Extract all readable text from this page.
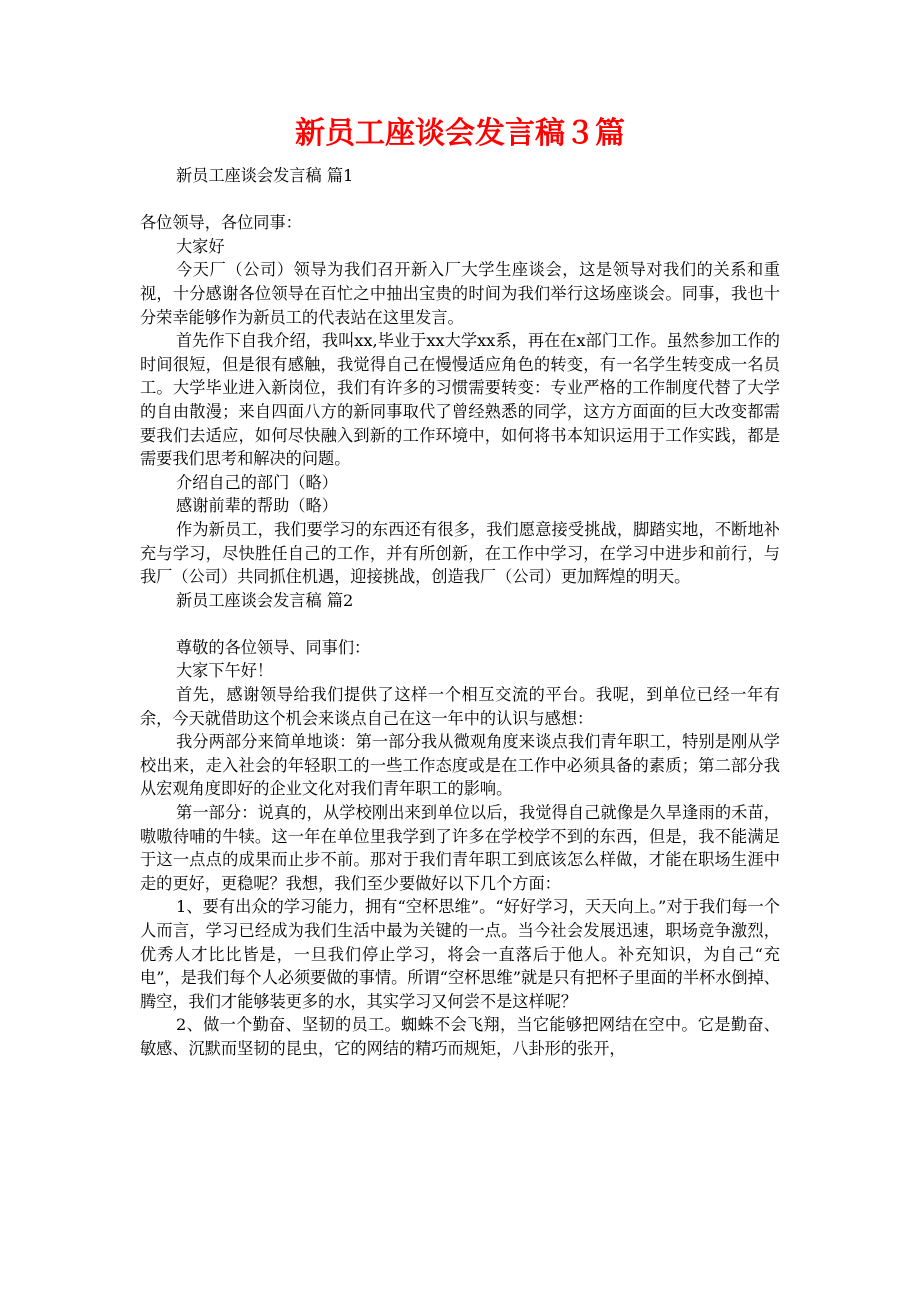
新员工座谈会发言稿３篇

新员工座谈会发言稿 篇1

各位领导，各位同事：

大家好

今天厂（公司）领导为我们召开新入厂大学生座谈会，这是领导对我们的关系和重视，十分感谢各位领导在百忙之中抽出宝贵的时间为我们举行这场座谈会。同事，我也十分荣幸能够作为新员工的代表站在这里发言。

首先作下自我介绍，我叫xx,毕业于xx大学xx系，再在在x部门工作。虽然参加工作的时间很短，但是很有感触，我觉得自己在慢慢适应角色的转变，有一名学生转变成一名员工。大学毕业进入新岗位，我们有许多的习惯需要转变：专业严格的工作制度代替了大学的自由散漫；来自四面八方的新同事取代了曾经熟悉的同学，这方方面面的巨大改变都需要我们去适应，如何尽快融入到新的工作环境中，如何将书本知识运用于工作实践，都是需要我们思考和解决的问题。

介绍自己的部门（略）

感谢前辈的帮助（略）

作为新员工，我们要学习的东西还有很多，我们愿意接受挑战，脚踏实地，不断地补充与学习，尽快胜任自己的工作，并有所创新，在工作中学习，在学习中进步和前行，与我厂（公司）共同抓住机遇，迎接挑战，创造我厂（公司）更加辉煌的明天。

新员工座谈会发言稿 篇2

尊敬的各位领导、同事们：

大家下午好！

首先，感谢领导给我们提供了这样一个相互交流的平台。我呢，到单位已经一年有余，今天就借助这个机会来谈点自己在这一年中的认识与感想：

我分两部分来简单地谈：第一部分我从微观角度来谈点我们青年职工，特别是刚从学校出来，走入社会的年轻职工的一些工作态度或是在工作中必须具备的素质；第二部分我从宏观角度即好的企业文化对我们青年职工的影响。

第一部分：说真的，从学校刚出来到单位以后，我觉得自己就像是久旱逢雨的禾苗，嗷嗷待哺的牛犊。这一年在单位里我学到了许多在学校学不到的东西，但是，我不能满足于这一点点的成果而止步不前。那对于我们青年职工到底该怎么样做，才能在职场生涯中走的更好，更稳呢？我想，我们至少要做好以下几个方面：

1、要有出众的学习能力，拥有“空杯思维”。“好好学习，天天向上。”对于我们每一个人而言，学习已经成为我们生活中最为关键的一点。当今社会发展迅速，职场竞争激烈，优秀人才比比皆是，一旦我们停止学习，将会一直落后于他人。补充知识，为自己“充电”，是我们每个人必须要做的事情。所谓“空杯思维”就是只有把杯子里面的半杯水倒掉、腾空，我们才能够装更多的水，其实学习又何尝不是这样呢？

2、做一个勤奋、坚韧的员工。蜘蛛不会飞翔，当它能够把网结在空中。它是勤奋、敏感、沉默而坚韧的昆虫，它的网结的精巧而规矩，八卦形的张开，
